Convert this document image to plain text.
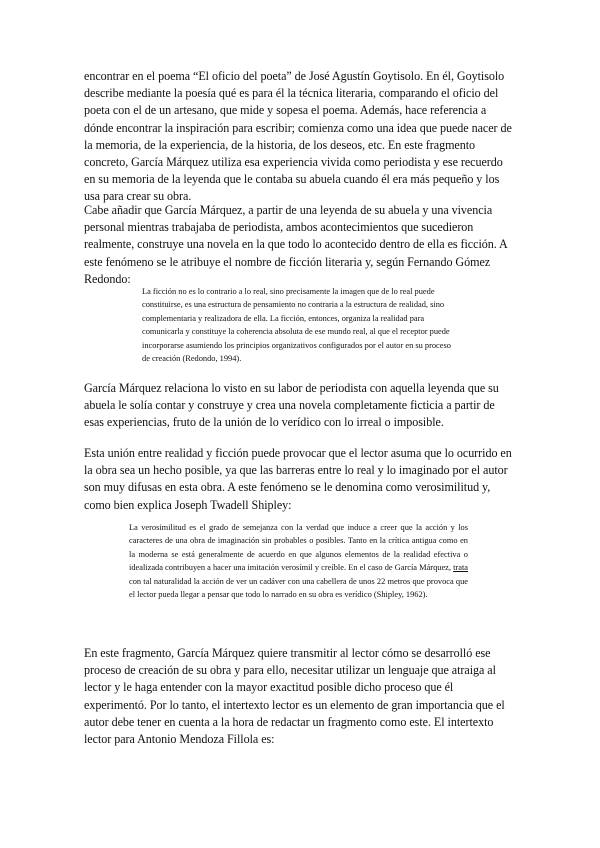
encontrar en el poema “El oficio del poeta” de José Agustín Goytisolo. En él, Goytisolo describe mediante la poesía qué es para él la técnica literaria, comparando el oficio del poeta con el de un artesano, que mide y sopesa el poema. Además, hace referencia a dónde encontrar la inspiración para escribir; comienza como una idea que puede nacer de la memoria, de la experiencia, de la historia, de los deseos, etc. En este fragmento concreto, García Márquez utiliza esa experiencia vivida como periodista y ese recuerdo en su memoria de la leyenda que le contaba su abuela cuando él era más pequeño y los usa para crear su obra.

Cabe añadir que García Márquez, a partir de una leyenda de su abuela y una vivencia personal mientras trabajaba de periodista, ambos acontecimientos que sucedieron realmente, construye una novela en la que todo lo acontecido dentro de ella es ficción. A este fenómeno se le atribuye el nombre de ficción literaria y, según Fernando Gómez Redondo:

La ficción no es lo contrario a lo real, sino precisamente la imagen que de lo real puede constituirse, es una estructura de pensamiento no contraria a la estructura de realidad, sino complementaria y realizadora de ella. La ficción, entonces, organiza la realidad para comunicarla y constituye la coherencia absoluta de ese mundo real, al que el receptor puede incorporarse asumiendo los principios organizativos configurados por el autor en su proceso de creación (Redondo, 1994).

García Márquez relaciona lo visto en su labor de periodista con aquella leyenda que su abuela le solía contar y construye y crea una novela completamente ficticia a partir de esas experiencias, fruto de la unión de lo verídico con lo irreal o imposible.

Esta unión entre realidad y ficción puede provocar que el lector asuma que lo ocurrido en la obra sea un hecho posible, ya que las barreras entre lo real y lo imaginado por el autor son muy difusas en esta obra. A este fenómeno se le denomina como verosimilitud y, como bien explica Joseph Twadell Shipley:

La verosimilitud es el grado de semejanza con la verdad que induce a creer que la acción y los caracteres de una obra de imaginación sin probables o posibles. Tanto en la crítica antigua como en la moderna se está generalmente de acuerdo en que algunos elementos de la realidad efectiva o idealizada contribuyen a hacer una imitación verosímil y creíble. En el caso de García Márquez, trata con tal naturalidad la acción de ver un cadáver con una cabellera de unos 22 metros que provoca que el lector pueda llegar a pensar que todo lo narrado en su obra es verídico (Shipley, 1962).

En este fragmento, García Márquez quiere transmitir al lector cómo se desarrolló ese proceso de creación de su obra y para ello, necesitar utilizar un lenguaje que atraiga al lector y le haga entender con la mayor exactitud posible dicho proceso que él experimentó. Por lo tanto, el intertexto lector es un elemento de gran importancia que el autor debe tener en cuenta a la hora de redactar un fragmento como este. El intertexto lector para Antonio Mendoza Fillola es:
